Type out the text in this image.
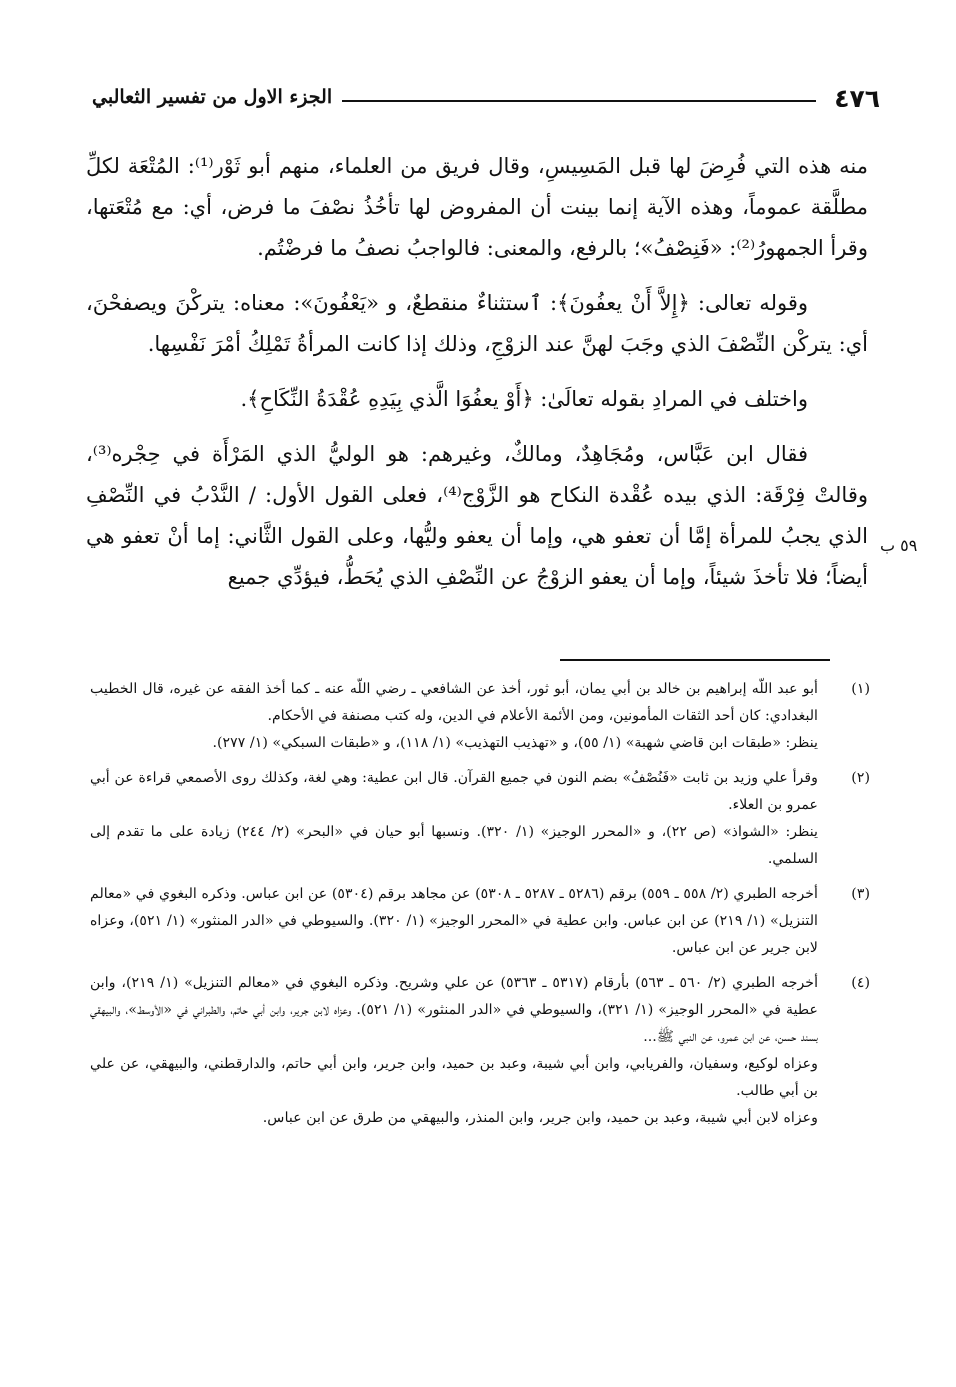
٤٧٦
الجزء الاول من تفسير الثعالبي

منه هذه التي فُرِضَ لها قبل المَسِيسِ، وقال فريق من العلماء، منهم أبو ثَوْر⁽¹⁾: المُتْعَة لكلِّ مطلَّقة عموماً، وهذه الآية إنما بينت أن المفروض لها تأخُذُ نصْفَ ما فرض، أي: مع مُتْعَتها، وقرأ الجمهورُ⁽²⁾: «فَنِصْفُ»؛ بالرفع، والمعنى: فالواجبُ نصفُ ما فرضْتُم.

وقوله تعالى: ﴿إِلاَّ أَنْ يعفُونَ﴾: ٱستثناءٌ منقطعٌ، و «يَعْفُونَ»: معناه: يتركْنَ ويصفحْنَ، أي: يتركْن النِّصْفَ الذي وجَبَ لهنَّ عند الزوْجِ، وذلك إذا كانت المرأةُ تَمْلِكُ أمْرَ نَفْسِها.

واختلف في المرادِ بقوله تعالَىٰ: ﴿أَوْ يعفُوَا الَّذي بِيَدِهِ عُقْدَةُ النِّكَاحِ﴾.

فقال ابن عَبَّاس، ومُجَاهِدٌ، ومالكٌ، وغيرهم: هو الوليُّ الذي المَرْأَة في حِجْره⁽³⁾، وقالتْ فِرْقَة: الذي بيده عُقْدة النكاح هو الزَّوْج⁽⁴⁾، فعلى القول الأول: / النَّدْبُ في النِّصْفِ الذي يجبُ للمرأة إمَّا أن تعفو هي، وإما أن يعفو وليُّها، وعلى القول الثَّاني: إما أنْ تعفو هي أيضاً؛ فلا تأخذَ شيئاً، وإما أن يعفو الزوْجُ عن النِّصْفِ الذي يُحَطُّ، فيؤدِّي جميع

٥٩ ب
(١)
أبو عبد اللّه إبراهيم بن خالد بن أبي يمان، أبو ثور، أخذ عن الشافعي ـ رضي اللّه عنه ـ كما أخذ الفقه عن غيره، قال الخطيب البغدادي: كان أحد الثقات المأمونين، ومن الأئمة الأعلام في الدين، وله كتب مصنفة في الأحكام.
ينظر: «طبقات ابن قاضي شهبة» (١/ ٥٥)، و «تهذيب التهذيب» (١/ ١١٨)، و «طبقات السبكي» (١/ ٢٧٧).
(٢)
وقرأ علي وزيد بن ثابت «فَنُصْفُ» بضم النون في جميع القرآن. قال ابن عطية: وهي لغة، وكذلك روى الأصمعي قراءة عن أبي عمرو بن العلاء.
ينظر: «الشواذ» (ص ٢٢)، و «المحرر الوجيز» (١/ ٣٢٠). ونسبها أبو حيان في «البحر» (٢/ ٢٤٤) زيادة على ما تقدم إلى السلمي.
(٣)
أخرجه الطبري (٢/ ٥٥٨ ـ ٥٥٩) برقم (٥٢٨٦ ـ ٥٢٨٧ ـ ٥٣٠٨) عن مجاهد برقم (٥٣٠٤) عن ابن عباس. وذكره البغوي في «معالم التنزيل» (١/ ٢١٩) عن ابن عباس. وابن عطية في «المحرر الوجيز» (١/ ٣٢٠). والسيوطي في «الدر المنثور» (١/ ٥٢١)، وعزاه لابن جرير عن ابن عباس.
(٤)
أخرجه الطبري (٢/ ٥٦٠ ـ ٥٦٣) بأرقام (٥٣١٧ ـ ٥٣٦٣) عن علي وشريح. وذكره البغوي في «معالم التنزيل» (١/ ٢١٩)، وابن عطية في «المحرر الوجيز» (١/ ٣٢١)، والسيوطي في «الدر المنثور» (١/ ٥٢١). وعزاه لابن جرير، وابن أبي حاتم، والطبراني في «الأوسط»، والبيهقي بسند حسن، عن ابن عمرو، عن النبي ﷺ...
وعزاه لوكيع، وسفيان، والفريابي، وابن أبي شيبة، وعبد بن حميد، وابن جرير، وابن أبي حاتم، والدارقطني، والبيهقي، عن علي بن أبي طالب.
وعزاه لابن أبي شيبة، وعبد بن حميد، وابن جرير، وابن المنذر، والبيهقي من طرق عن ابن عباس.
